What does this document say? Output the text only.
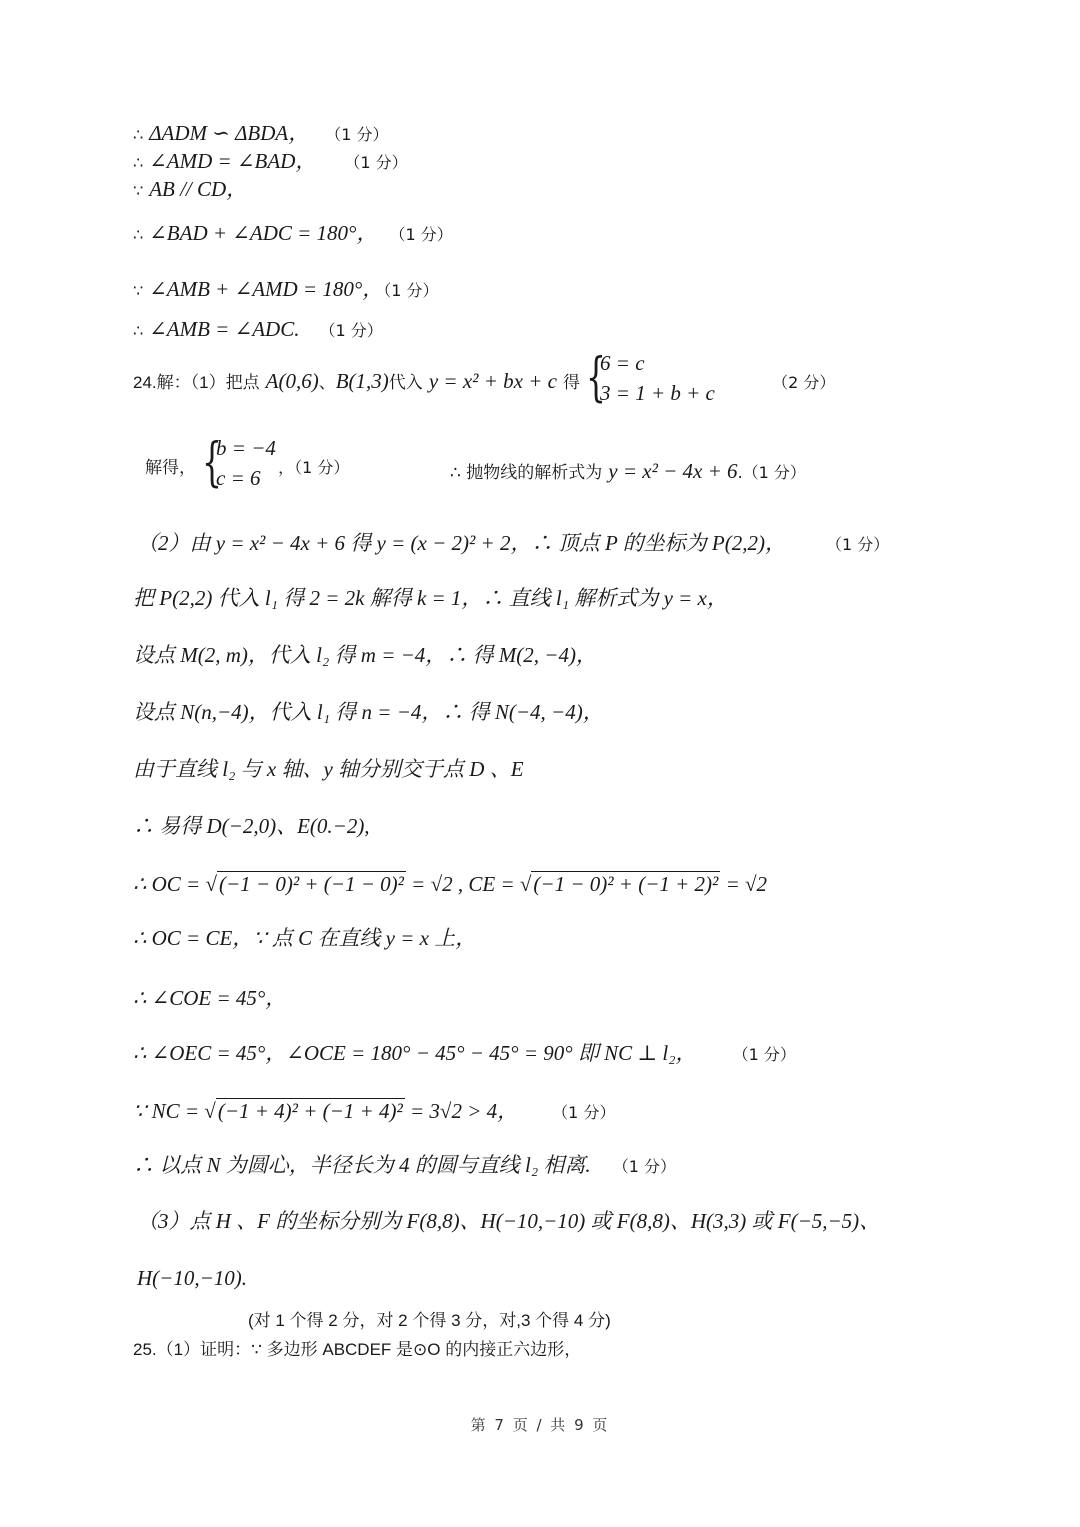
∴ ΔADM ∽ ΔBDA， （1 分）
∴ ∠AMD = ∠BAD， （1 分）
∵ AB // CD，
∴ ∠BAD + ∠ADC = 180°， （1 分）
∵ ∠AMB + ∠AMD = 180°，（1 分）
∴ ∠AMB = ∠ADC. （1 分）
24.解：（1）把点 A(0,6)、B(1,3)代入 y = x² + bx + c 得 {
6 = c
3 = 1 + b + c	（2 分）
解得， {
b = −4
c = 6	，（1 分）	∴ 抛物线的解析式为 y = x² − 4x + 6.（1 分）
（2）由 y = x² − 4x + 6 得 y = (x − 2)² + 2，∴ 顶点 P 的坐标为 P(2,2)，	（1 分）
把 P(2,2) 代入 l₁ 得 2 = 2k 解得 k = 1，∴ 直线 l₁ 解析式为 y = x，
设点 M(2, m)，代入 l₂ 得 m = −4，∴ 得 M(2, −4)，
设点 N(n,−4)，代入 l₁ 得 n = −4，∴ 得 N(−4, −4)，
由于直线 l₂ 与 x 轴、y 轴分别交于点 D 、E
∴ 易得 D(−2,0)、E(0.−2),
∴ OC = √(−1 − 0)² + (−1 − 0)² = √2 , CE = √(−1 − 0)² + (−1 + 2)² = √2
∴ OC = CE，∵ 点 C 在直线 y = x 上，
∴ ∠COE = 45°，
∴ ∠OEC = 45°，∠OCE = 180° − 45° − 45° = 90° 即 NC ⊥ l₂， （1 分）
∵ NC = √(−1 + 4)² + (−1 + 4)² = 3√2 > 4， （1 分）
∴ 以点 N 为圆心，半径长为 4 的圆与直线 l₂ 相离. （1 分）
（3）点 H 、F 的坐标分别为 F(8,8)、H(−10,−10) 或 F(8,8)、H(3,3) 或 F(−5,−5)、
H(−10,−10).
(对 1 个得 2 分，对 2 个得 3 分，对,3 个得 4 分)
25.（1）证明：∵ 多边形 ABCDEF 是⊙O 的内接正六边形，
第 7 页 / 共 9 页
